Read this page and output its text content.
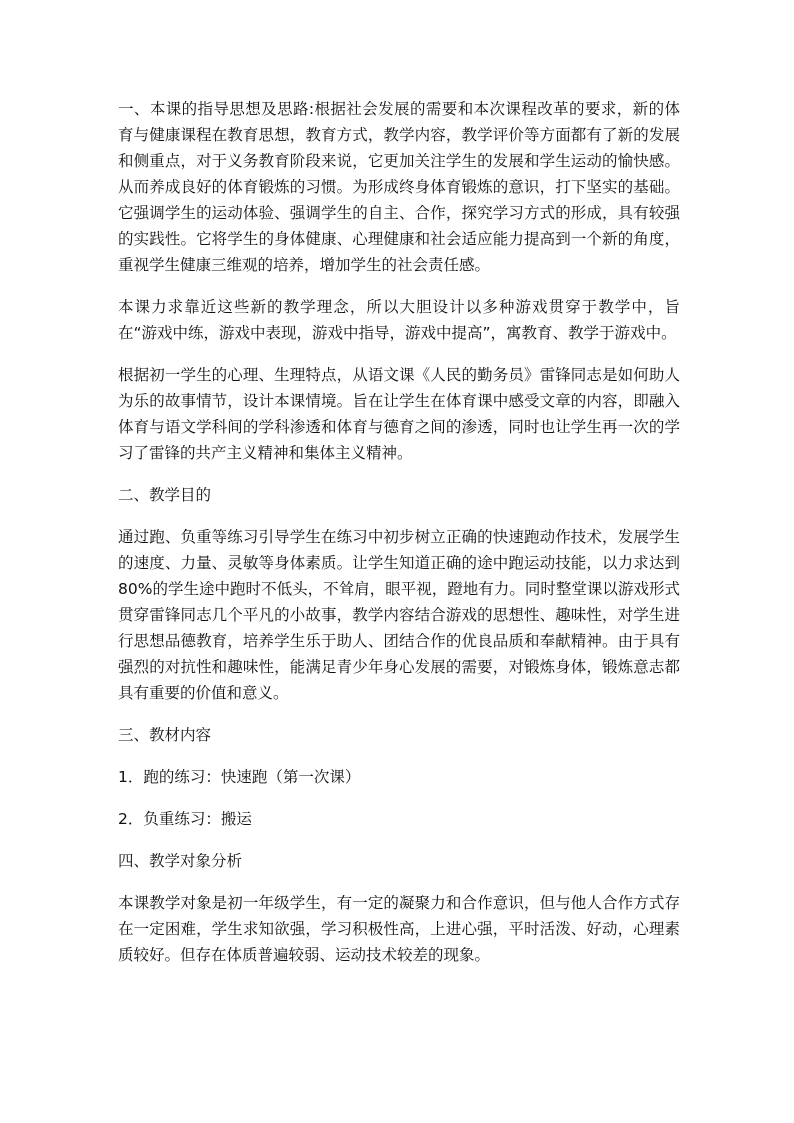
一、本课的指导思想及思路:根据社会发展的需要和本次课程改革的要求，新的体育与健康课程在教育思想，教育方式，教学内容，教学评价等方面都有了新的发展和侧重点，对于义务教育阶段来说，它更加关注学生的发展和学生运动的愉快感。从而养成良好的体育锻炼的习惯。为形成终身体育锻炼的意识，打下坚实的基础。它强调学生的运动体验、强调学生的自主、合作，探究学习方式的形成，具有较强的实践性。它将学生的身体健康、心理健康和社会适应能力提高到一个新的角度，重视学生健康三维观的培养，增加学生的社会责任感。

本课力求靠近这些新的教学理念，所以大胆设计以多种游戏贯穿于教学中，旨在“游戏中练，游戏中表现，游戏中指导，游戏中提高”，寓教育、教学于游戏中。

根据初一学生的心理、生理特点，从语文课《人民的勤务员》雷锋同志是如何助人为乐的故事情节，设计本课情境。旨在让学生在体育课中感受文章的内容，即融入体育与语文学科间的学科渗透和体育与德育之间的渗透，同时也让学生再一次的学习了雷锋的共产主义精神和集体主义精神。

二、教学目的

通过跑、负重等练习引导学生在练习中初步树立正确的快速跑动作技术，发展学生的速度、力量、灵敏等身体素质。让学生知道正确的途中跑运动技能，以力求达到80%的学生途中跑时不低头，不耸肩，眼平视，蹬地有力。同时整堂课以游戏形式贯穿雷锋同志几个平凡的小故事，教学内容结合游戏的思想性、趣味性，对学生进行思想品德教育，培养学生乐于助人、团结合作的优良品质和奉献精神。由于具有强烈的对抗性和趣味性，能满足青少年身心发展的需要，对锻炼身体，锻炼意志都具有重要的价值和意义。

三、教材内容

1．跑的练习：快速跑（第一次课）

2．负重练习：搬运

四、教学对象分析

本课教学对象是初一年级学生，有一定的凝聚力和合作意识，但与他人合作方式存在一定困难，学生求知欲强，学习积极性高，上进心强，平时活泼、好动，心理素质较好。但存在体质普遍较弱、运动技术较差的现象。
